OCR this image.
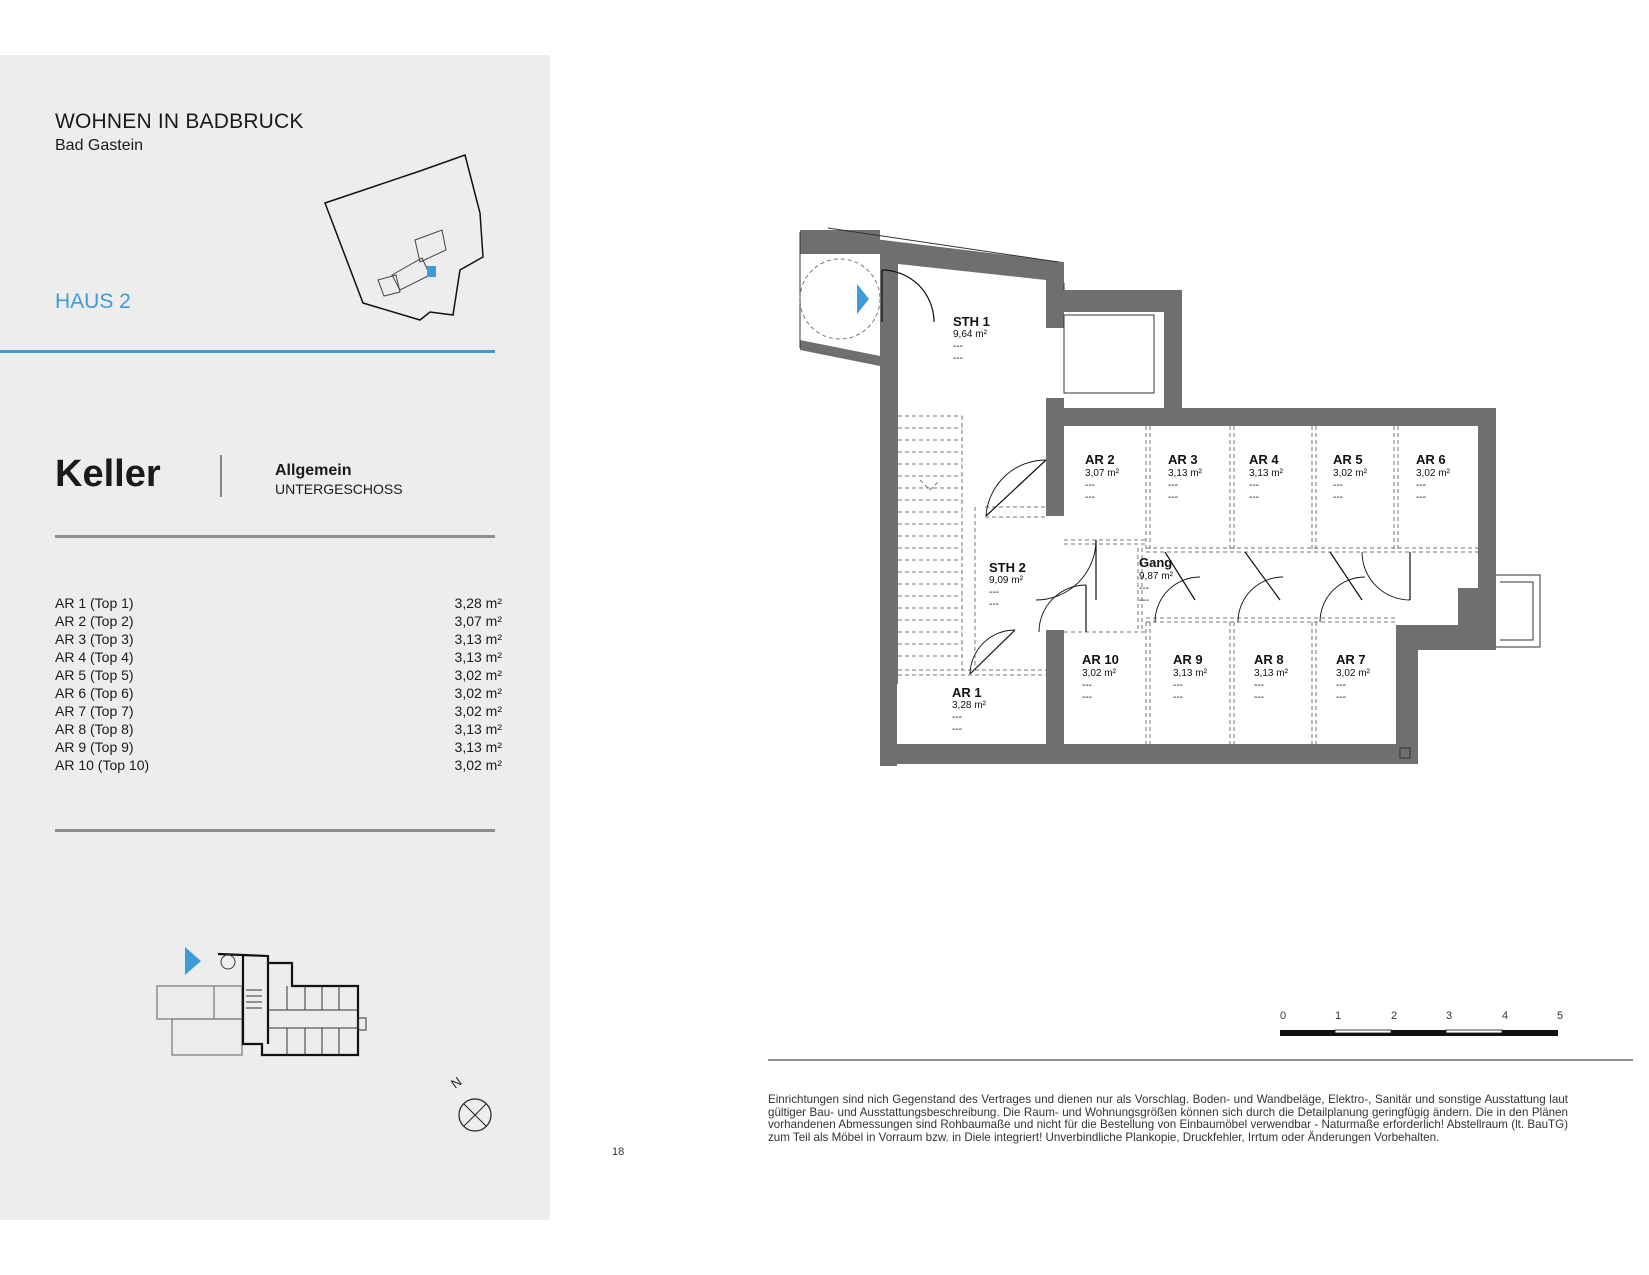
WOHNEN IN BADBRUCK
Bad Gastein
HAUS 2
Keller	Allgemein
UNTERGESCHOSS
AR 1 (Top 1)	3,28 m²
AR 2 (Top 2)	3,07 m²
AR 3 (Top 3)	3,13 m²
AR 4 (Top 4)	3,13 m²
AR 5 (Top 5)	3,02 m²
AR 6 (Top 6)	3,02 m²
AR 7 (Top 7)	3,02 m²
AR 8 (Top 8)	3,13 m²
AR 9 (Top 9)	3,13 m²
AR 10 (Top 10)	3,02 m²
N
STH 1
9,64 m²
---
---
STH 2
9,09 m²
---
---
Gang
9,87 m²
---
---
AR 1
3,28 m²
---
---
AR 2
3,07 m²
---
---
AR 3
3,13 m²
---
---
AR 4
3,13 m²
---
---
AR 5
3,02 m²
---
---
AR 6
3,02 m²
---
---
AR 7
3,02 m²
---
---
AR 8
3,13 m²
---
---
AR 9
3,13 m²
---
---
AR 10
3,02 m²
---
---
0	1	2	3	4	5
18
Einrichtungen sind nich Gegenstand des Vertrages und dienen nur als Vorschlag. Boden- und Wandbeläge, Elektro-, Sanitär und sonstige Ausstattung laut gültiger Bau- und Ausstattungsbeschreibung. Die Raum- und Wohnungsgrößen können sich durch die Detailplanung geringfügig ändern. Die in den Plänen vorhandenen Abmessungen sind Rohbaumaße und nicht für die Bestellung von Einbaumöbel verwendbar - Naturmaße erforderlich! Abstellraum (lt. BauTG) zum Teil als Möbel in Vorraum bzw. in Diele integriert! Unverbindliche Plankopie, Druckfehler, Irrtum oder Änderungen Vorbehalten.
